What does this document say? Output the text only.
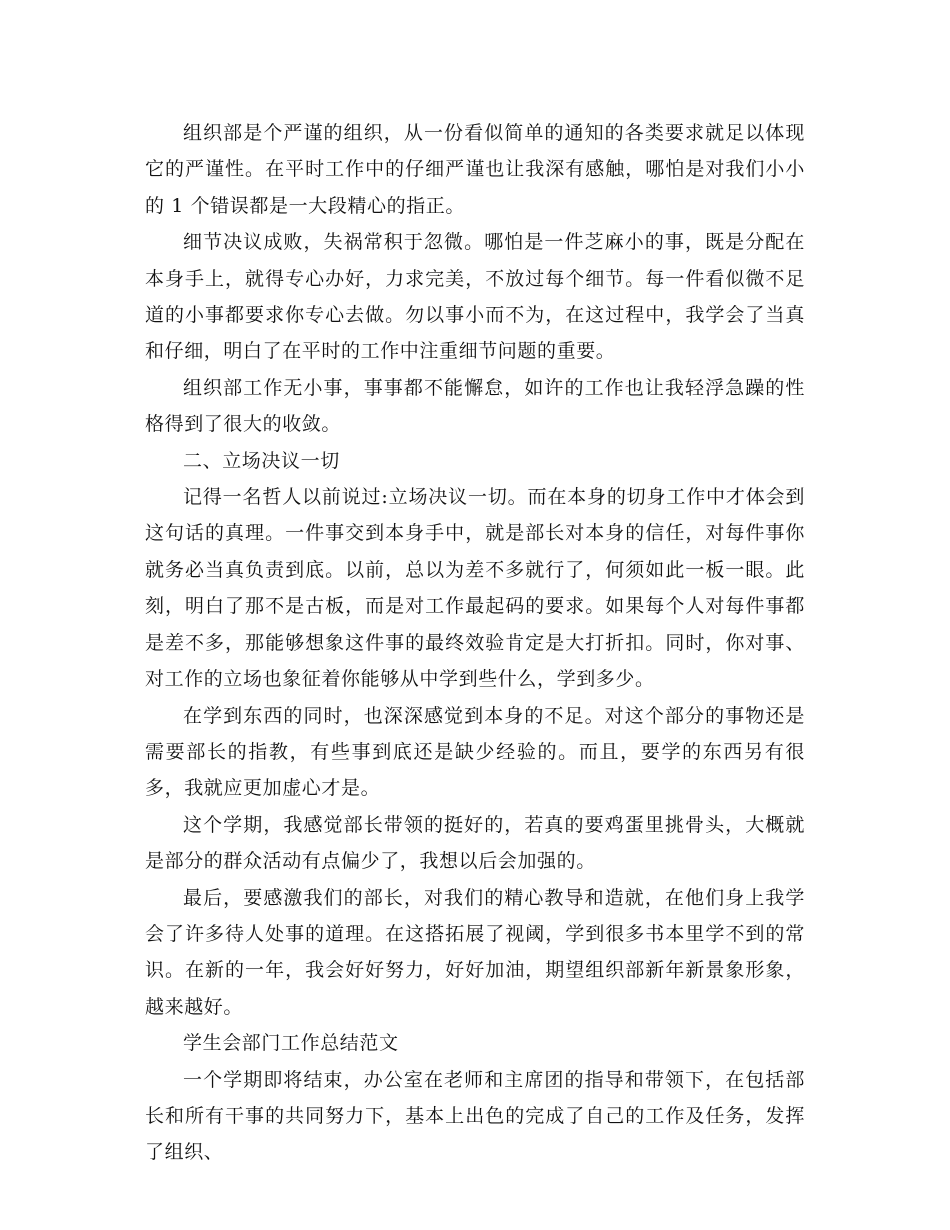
组织部是个严谨的组织，从一份看似简单的通知的各类要求就足以体现它的严谨性。在平时工作中的仔细严谨也让我深有感触，哪怕是对我们小小的 1 个错误都是一大段精心的指正。

细节决议成败，失祸常积于忽微。哪怕是一件芝麻小的事，既是分配在本身手上，就得专心办好，力求完美，不放过每个细节。每一件看似微不足道的小事都要求你专心去做。勿以事小而不为，在这过程中，我学会了当真和仔细，明白了在平时的工作中注重细节问题的重要。

组织部工作无小事，事事都不能懈怠，如许的工作也让我轻浮急躁的性格得到了很大的收敛。

二、立场决议一切

记得一名哲人以前说过:立场决议一切。而在本身的切身工作中才体会到这句话的真理。一件事交到本身手中，就是部长对本身的信任，对每件事你就务必当真负责到底。以前，总以为差不多就行了，何须如此一板一眼。此刻，明白了那不是古板，而是对工作最起码的要求。如果每个人对每件事都是差不多，那能够想象这件事的最终效验肯定是大打折扣。同时，你对事、对工作的立场也象征着你能够从中学到些什么，学到多少。

在学到东西的同时，也深深感觉到本身的不足。对这个部分的事物还是需要部长的指教，有些事到底还是缺少经验的。而且，要学的东西另有很多，我就应更加虚心才是。

这个学期，我感觉部长带领的挺好的，若真的要鸡蛋里挑骨头，大概就是部分的群众活动有点偏少了，我想以后会加强的。

最后，要感激我们的部长，对我们的精心教导和造就，在他们身上我学会了许多待人处事的道理。在这搭拓展了视阈，学到很多书本里学不到的常识。在新的一年，我会好好努力，好好加油，期望组织部新年新景象形象，越来越好。

学生会部门工作总结范文

一个学期即将结束，办公室在老师和主席团的指导和带领下，在包括部长和所有干事的共同努力下，基本上出色的完成了自己的工作及任务，发挥了组织、
